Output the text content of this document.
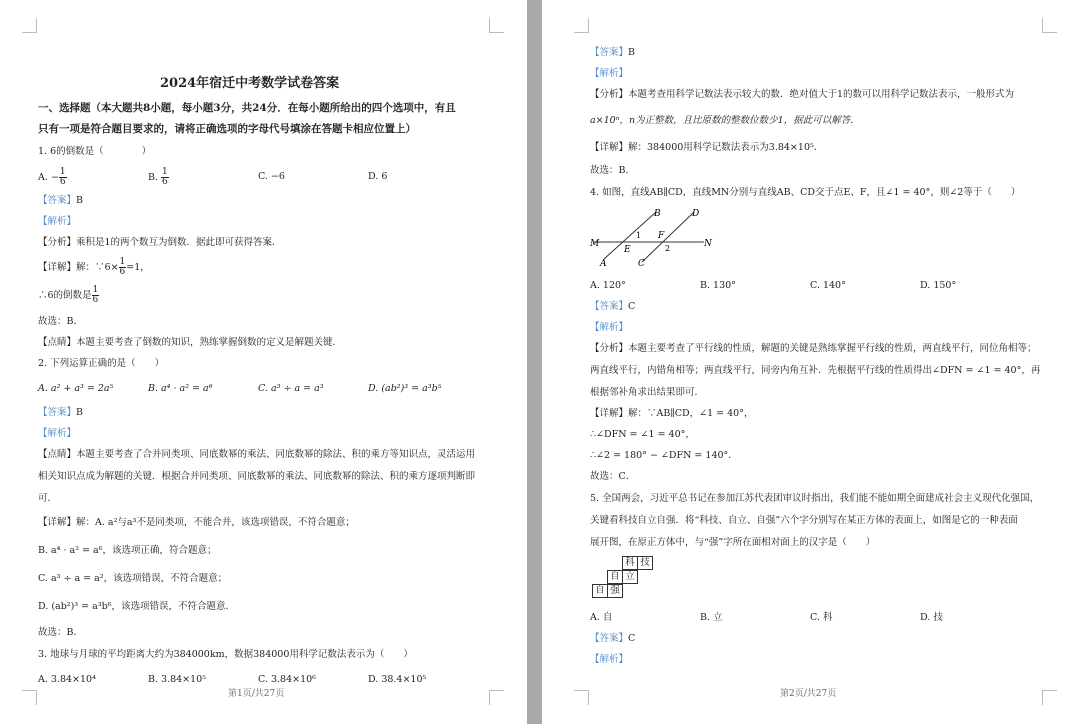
2024年宿迁中考数学试卷答案
一、选择题（本大题共8小题，每小题3分，共24分．在每小题所给出的四个选项中，有且
只有一项是符合题目要求的，请将正确选项的字母代号填涂在答题卡相应位置上）
1. 6的倒数是（　　　　）
A. − $\frac{1}{6}$	B. $\frac{1}{6}$	C. −6	D. 6
【答案】B
【解析】
【分析】乘积是1的两个数互为倒数．据此即可获得答案．
【详解】解：∵6× $\frac{1}{6} =1$，
∴6的倒数是 $\frac{1}{6}$
故选：B．
【点睛】本题主要考查了倒数的知识，熟练掌握倒数的定义是解题关键．
2. 下列运算正确的是（　　）
A. a² + a³ = 2a⁵	B. a⁴ · a² = a⁶	C. a³ ÷ a = a³	D. (ab²)³ = a³b⁵
【答案】B
【解析】
【点睛】本题主要考查了合并同类项、同底数幂的乘法、同底数幂的除法、积的乘方等知识点，灵活运用
相关知识点成为解题的关键．根据合并同类项、同底数幂的乘法、同底数幂的除法、积的乘方逐项判断即
可．
【详解】解：A. a²与a³不是同类项，不能合并，该选项错误，不符合题意；
B. a⁴ · a² = a⁶，该选项正确，符合题意；
C. a³ ÷ a = a²，该选项错误，不符合题意；
D. (ab²)³ = a³b⁶，该选项错误，不符合题意．
故选：B．
3. 地球与月球的平均距离大约为384000km，数据384000用科学记数法表示为（　　）
A. 3.84×10⁴	B. 3.84×10⁵	C. 3.84×10⁶	D. 38.4×10⁵
第1页/共27页
【答案】B
【解析】
【分析】本题考查用科学记数法表示较大的数．绝对值大于1的数可以用科学记数法表示，一般形式为
a×10ⁿ，n为正整数，且比原数的整数位数少1，据此可以解答．
【详解】解：384000用科学记数法表示为3.84×10⁵．
故选：B．
4. 如图，直线AB∥CD，直线MN分别与直线AB、CD交于点E、F，且∠1 = 40°，则∠2等于（　　）
M	N
A
B
C
D
E
F
1
2
A. 120°	B. 130°	C. 140°	D. 150°
【答案】C
【解析】
【分析】本题主要考查了平行线的性质，解题的关键是熟练掌握平行线的性质，两直线平行，同位角相等；
两直线平行，内错角相等；两直线平行，同旁内角互补．先根据平行线的性质得出∠DFN = ∠1 = 40°，再
根据邻补角求出结果即可．
【详解】解：∵AB∥CD，∠1 = 40°，
∴∠DFN = ∠1 = 40°，
∴∠2 = 180° − ∠DFN = 140°．
故选：C．
5. 全国两会，习近平总书记在参加江苏代表团审议时指出，我们能不能如期全面建成社会主义现代化强国，
关键看科技自立自强．将“科技、自立、自强”六个字分别写在某正方体的表面上，如图是它的一种表面
展开图，在原正方体中，与“强”字所在面相对面上的汉字是（　　）
科 技
自 立
自 强
A. 自	B. 立	C. 科	D. 技
【答案】C
【解析】
第2页/共27页
